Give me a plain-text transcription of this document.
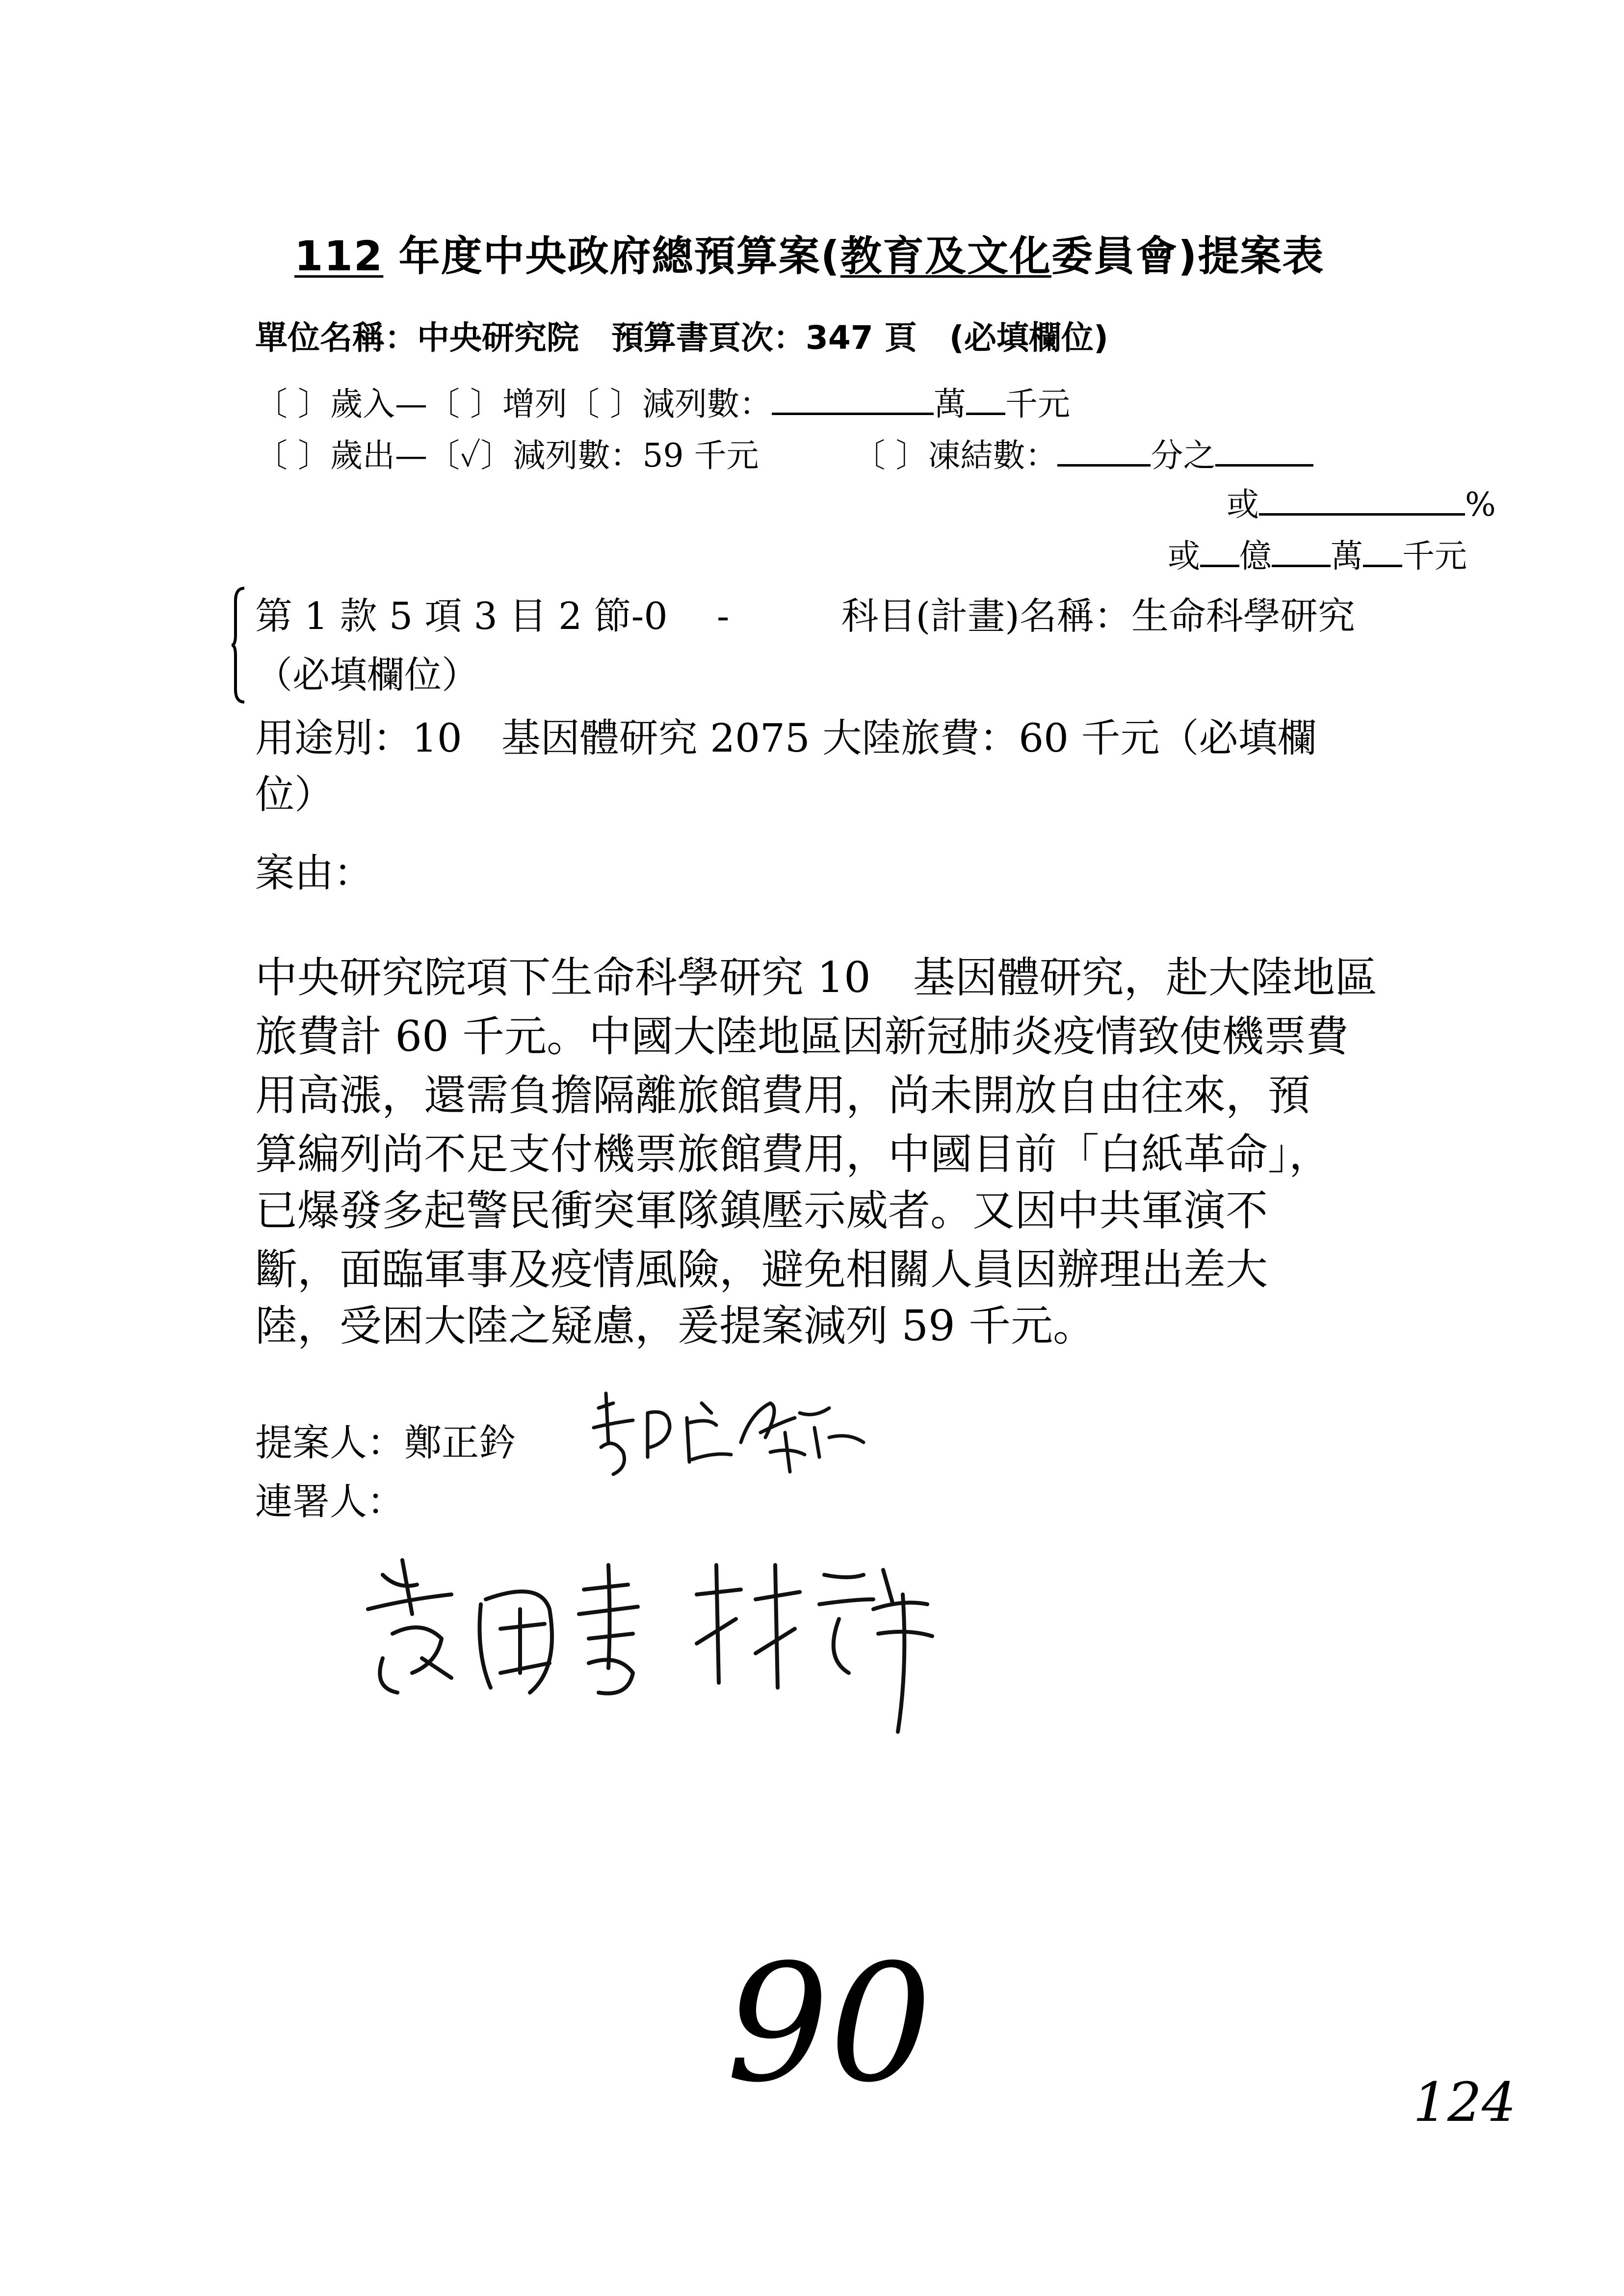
112 年度中央政府總預算案(教育及文化委員會)提案表
單位名稱：中央研究院　預算書頁次：347 頁　(必填欄位)
〔 〕歲入—〔 〕增列〔 〕減列數：	萬 千元
〔 〕歲出—〔✓〕減列數：59 千元	〔 〕凍結數：	分之
或	%
或 億 萬 千元
第 1 款 5 項 3 目 2 節-0　 -　　　科目(計畫)名稱：生命科學研究
（必填欄位）
用途別：10　基因體研究 2075 大陸旅費：60 千元（必填欄
位）
案由：
中央研究院項下生命科學研究 10　基因體研究，赴大陸地區
旅費計 60 千元。中國大陸地區因新冠肺炎疫情致使機票費
用高漲，還需負擔隔離旅館費用，尚未開放自由往來，預
算編列尚不足支付機票旅館費用，中國目前「白紙革命」，
已爆發多起警民衝突軍隊鎮壓示威者。又因中共軍演不
斷，面臨軍事及疫情風險，避免相關人員因辦理出差大
陸，受困大陸之疑慮，爰提案減列 59 千元。
提案人：鄭正鈐
連署人：
90	124
